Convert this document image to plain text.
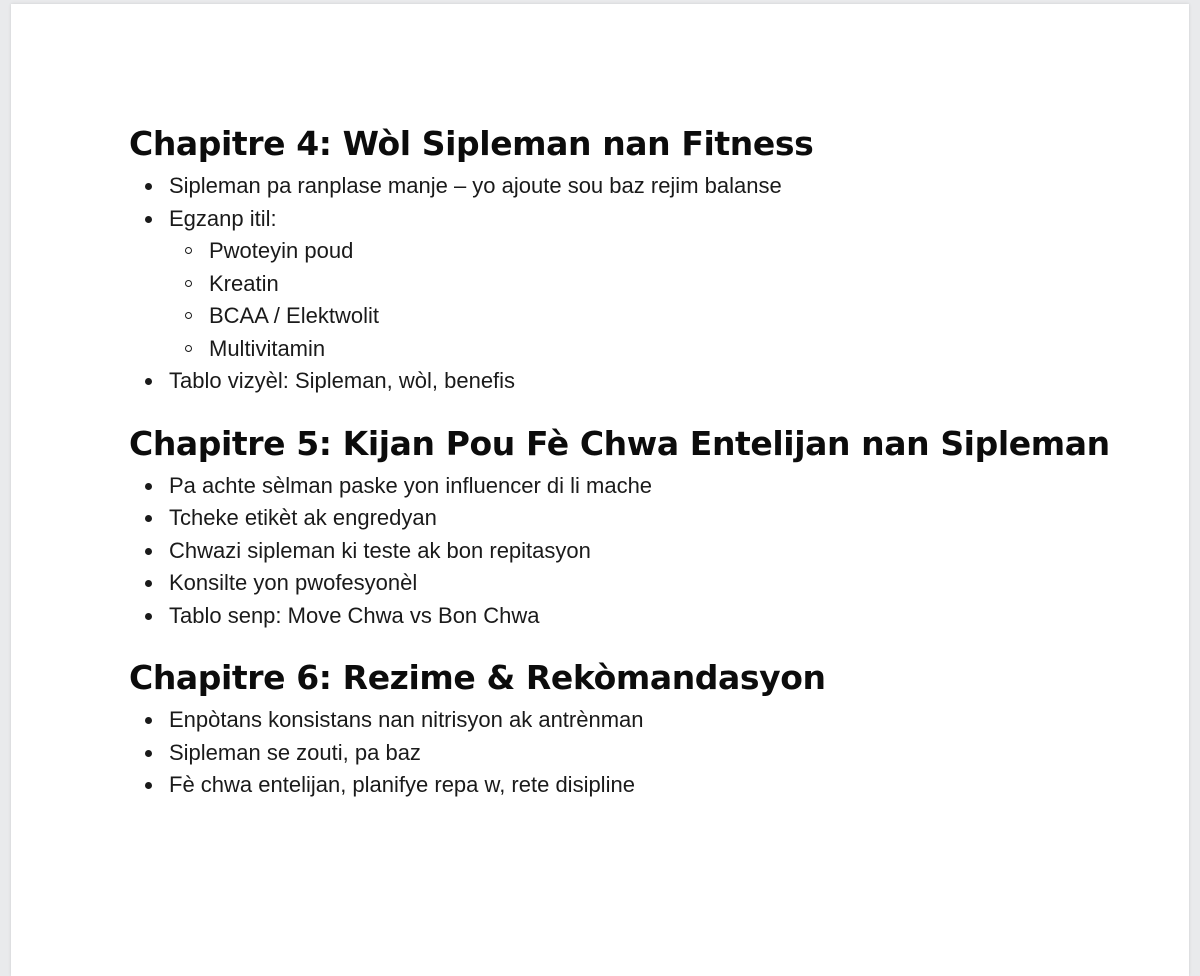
Chapitre 4: Wòl Sipleman nan Fitness
Sipleman pa ranplase manje – yo ajoute sou baz rejim balanse
Egzanp itil:
Pwoteyin poud
Kreatin
BCAA / Elektwolit
Multivitamin
Tablo vizyèl: Sipleman, wòl, benefis
Chapitre 5: Kijan Pou Fè Chwa Entelijan nan Sipleman
Pa achte sèlman paske yon influencer di li mache
Tcheke etikèt ak engredyan
Chwazi sipleman ki teste ak bon repitasyon
Konsilte yon pwofesyonèl
Tablo senp: Move Chwa vs Bon Chwa
Chapitre 6: Rezime & Rekòmandasyon
Enpòtans konsistans nan nitrisyon ak antrènman
Sipleman se zouti, pa baz
Fè chwa entelijan, planifye repa w, rete disipline
